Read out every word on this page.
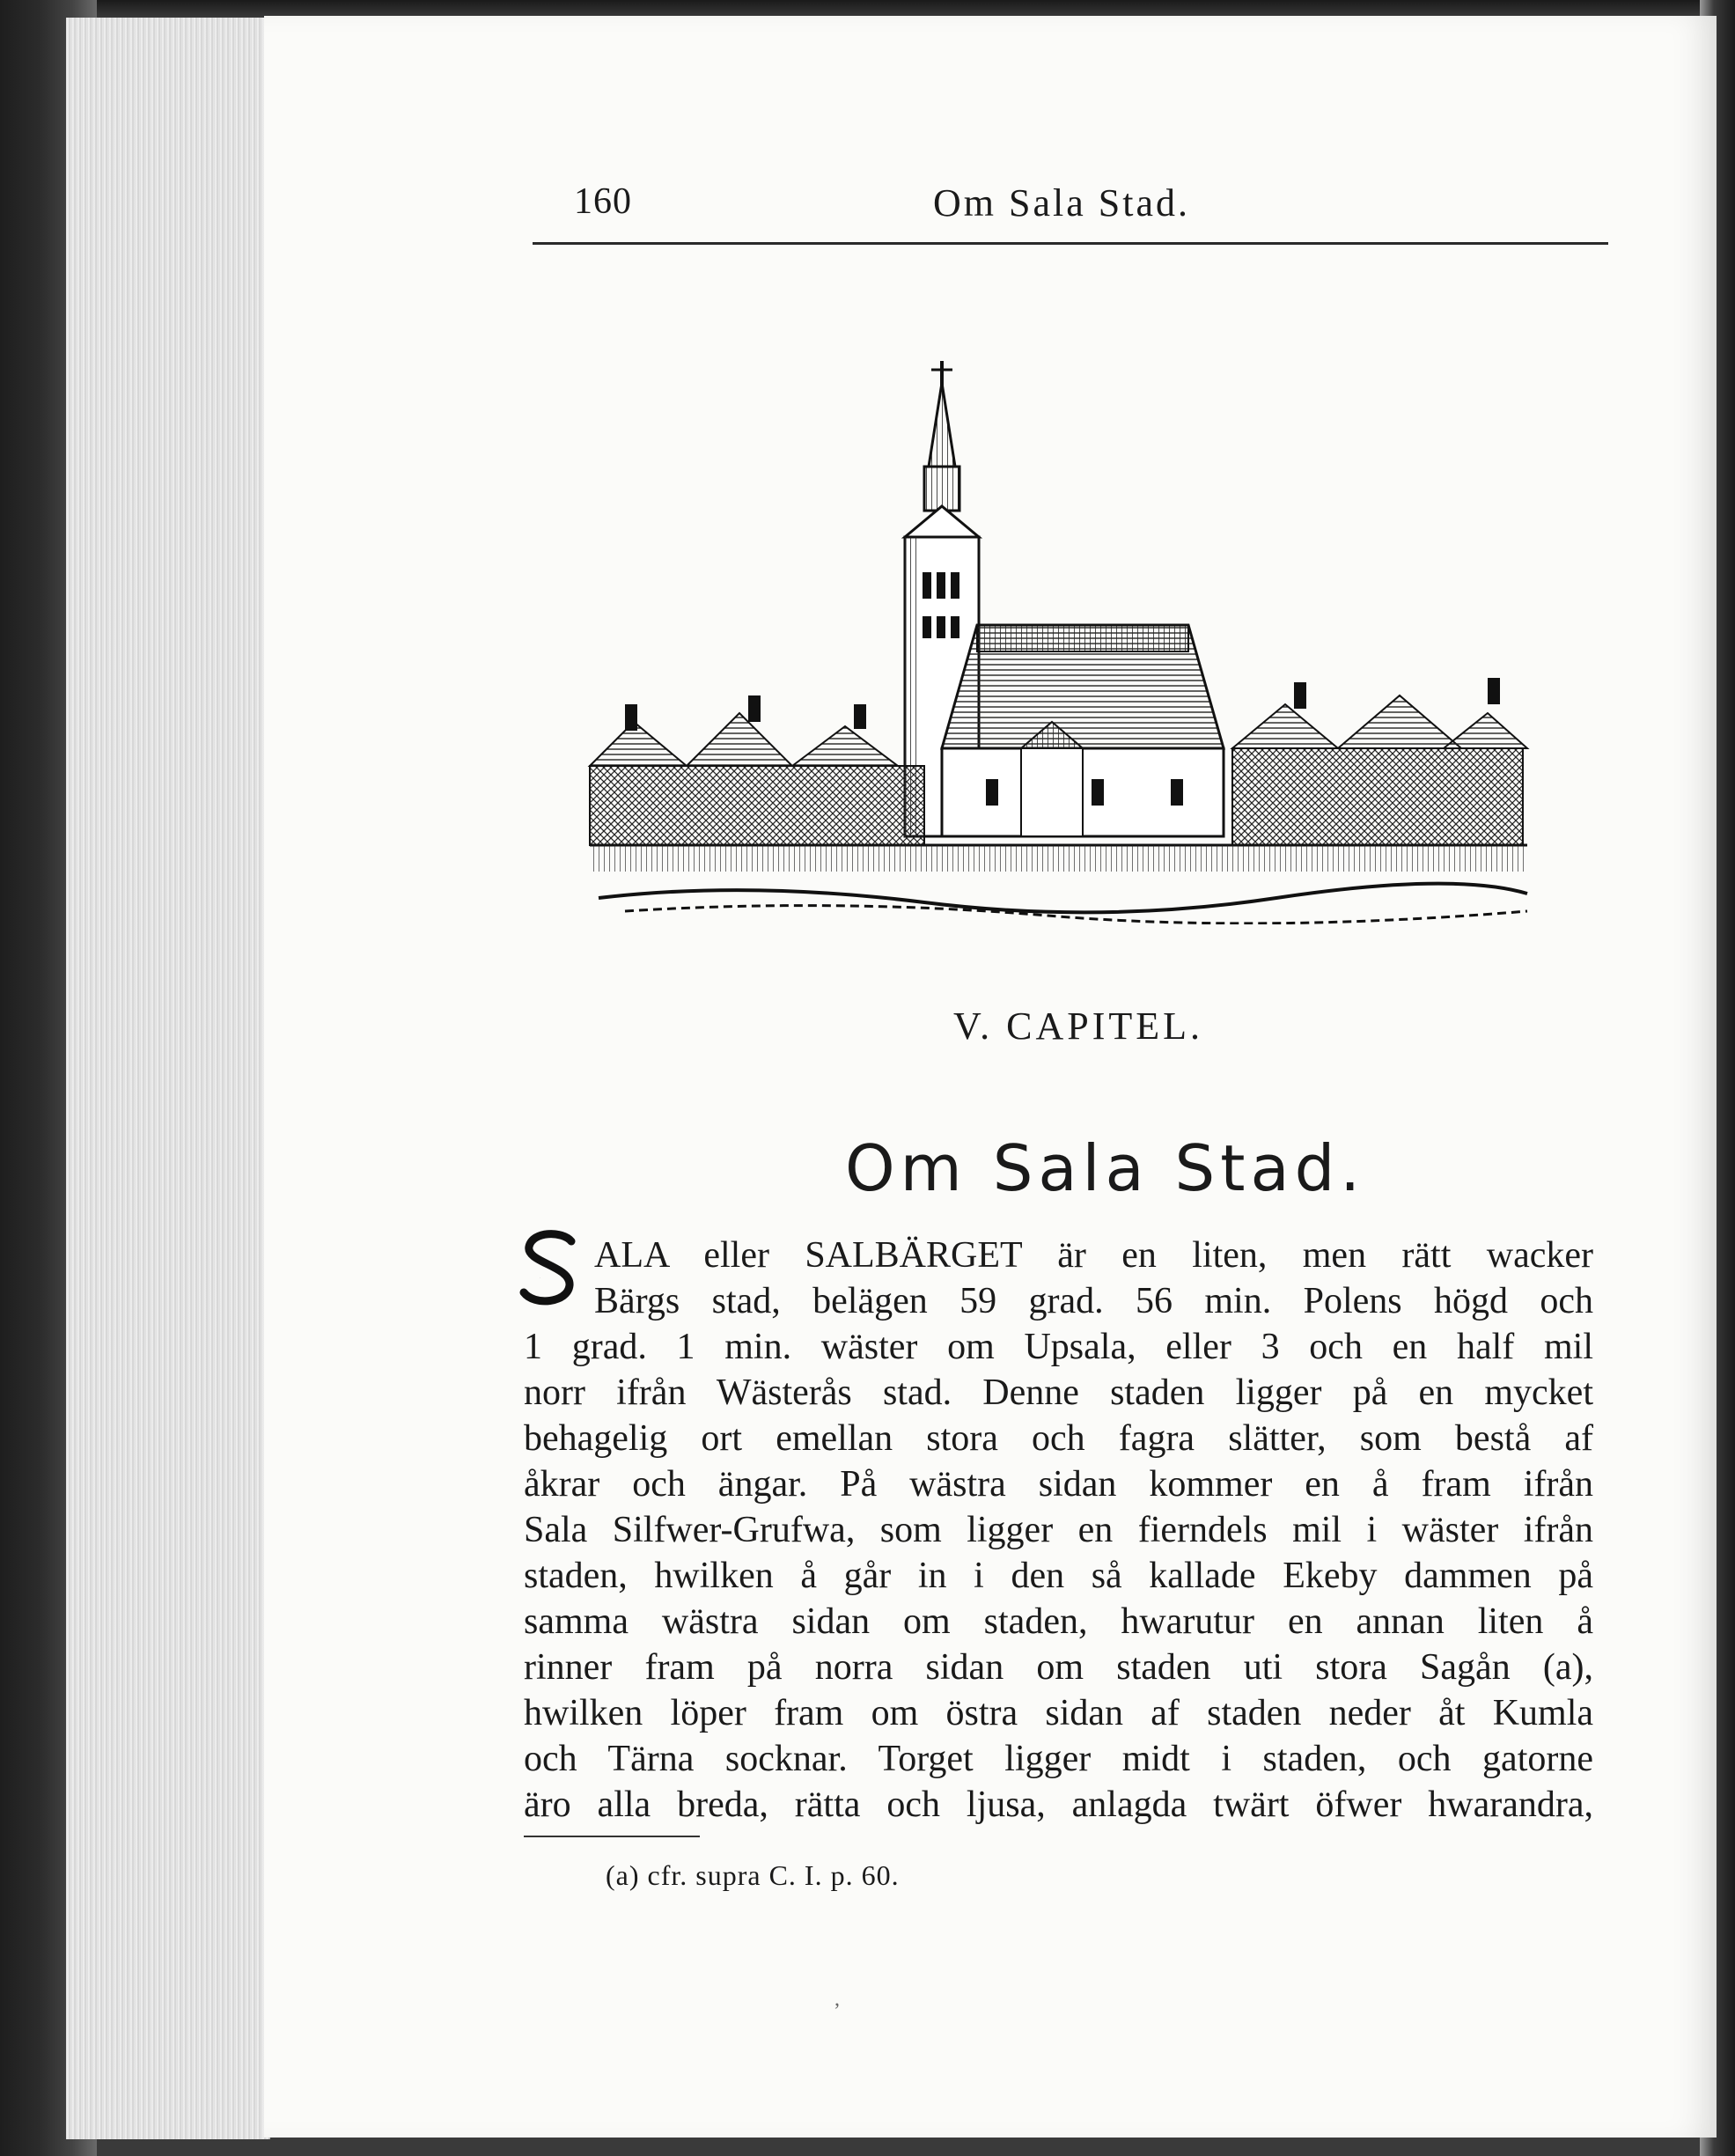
160	Om Sala Stad.
V. CAPITEL.
Om Sala Stad.
S
ALA eller SALBÄRGET är en liten, men rätt wacker
Bärgs stad, belägen 59 grad. 56 min. Polens högd och
1 grad. 1 min. wäster om Upsala, eller 3 och en half mil
norr ifrån Wästerås stad. Denne staden ligger på en mycket
behagelig ort emellan stora och fagra slätter, som bestå af
åkrar och ängar. På wästra sidan kommer en å fram ifrån
Sala Silfwer-Grufwa, som ligger en fierndels mil i wäster ifrån
staden, hwilken å går in i den så kallade Ekeby dammen på
samma wästra sidan om staden, hwarutur en annan liten å
rinner fram på norra sidan om staden uti stora Sagån (a),
hwilken löper fram om östra sidan af staden neder åt Kumla
och Tärna socknar. Torget ligger midt i staden, och gatorne
äro alla breda, rätta och ljusa, anlagda twärt öfwer hwarandra,
(a) cfr. supra C. I. p. 60.
,
